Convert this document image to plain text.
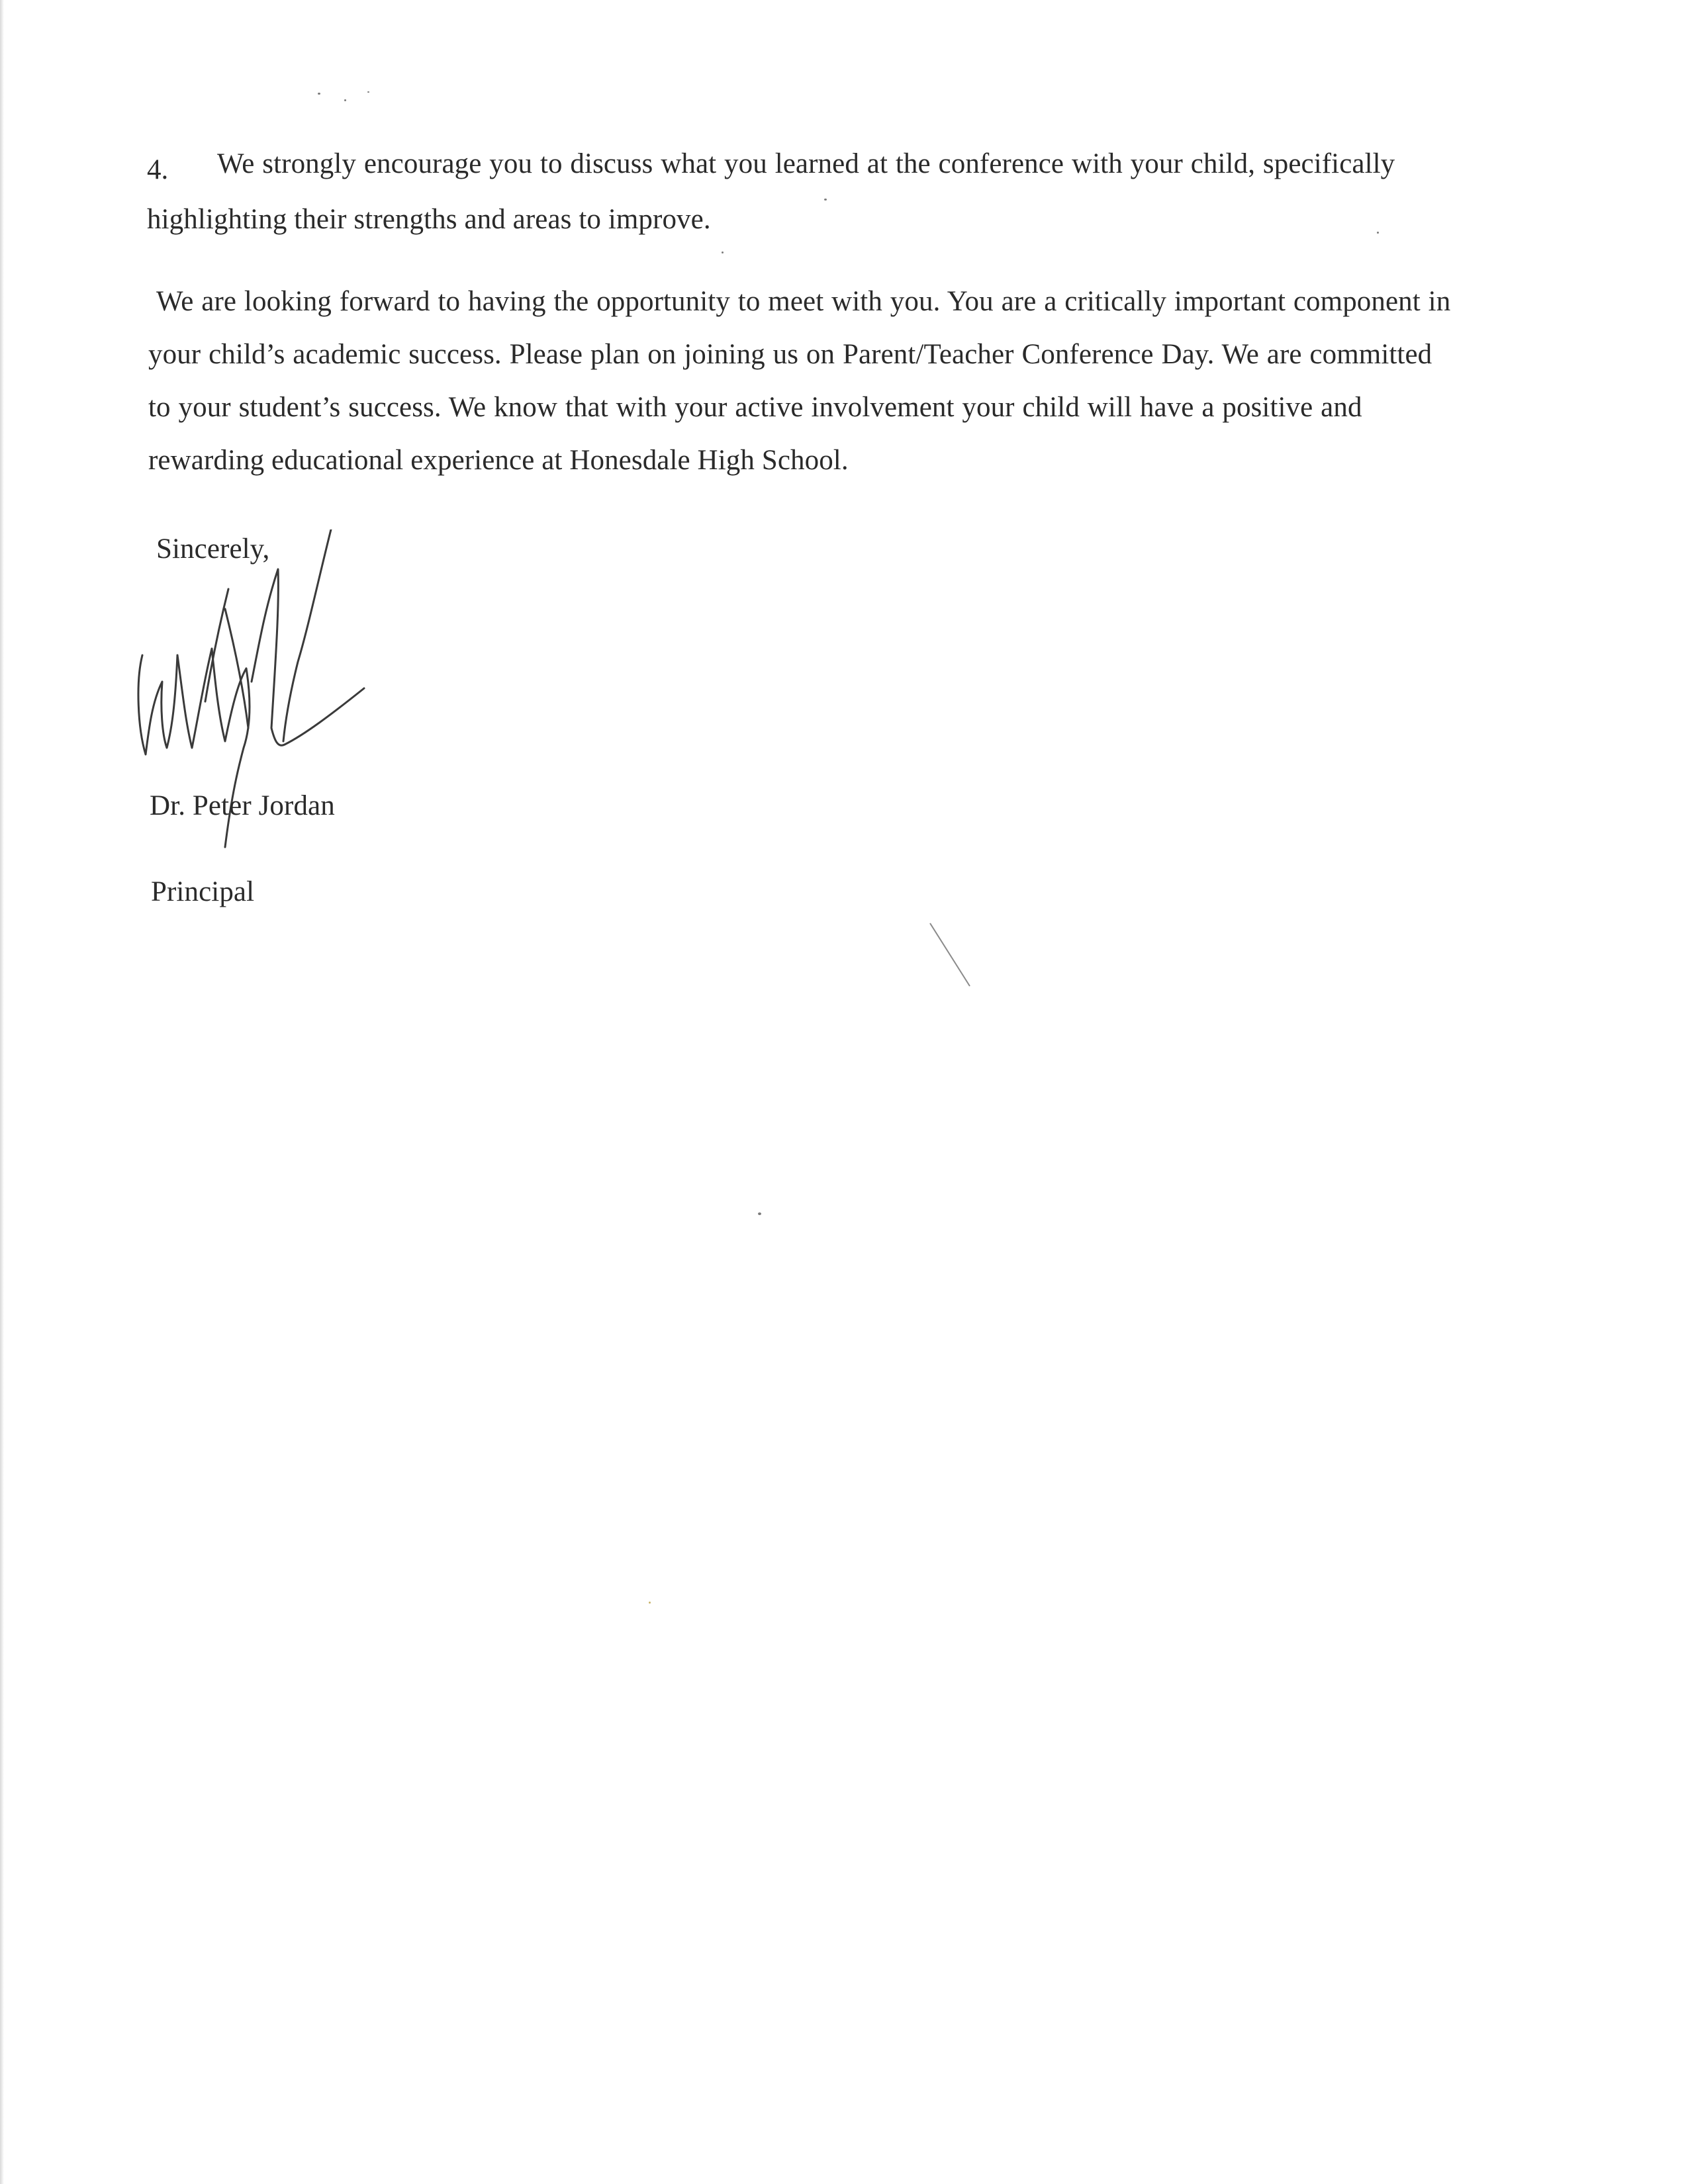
4. We strongly encourage you to discuss what you learned at the conference with your child, specifically
highlighting their strengths and areas to improve.
We are looking forward to having the opportunity to meet with you. You are a critically important component in
your child’s academic success. Please plan on joining us on Parent/Teacher Conference Day. We are committed
to your student’s success. We know that with your active involvement your child will have a positive and
rewarding educational experience at Honesdale High School.
Sincerely,
Dr. Peter Jordan
Principal
